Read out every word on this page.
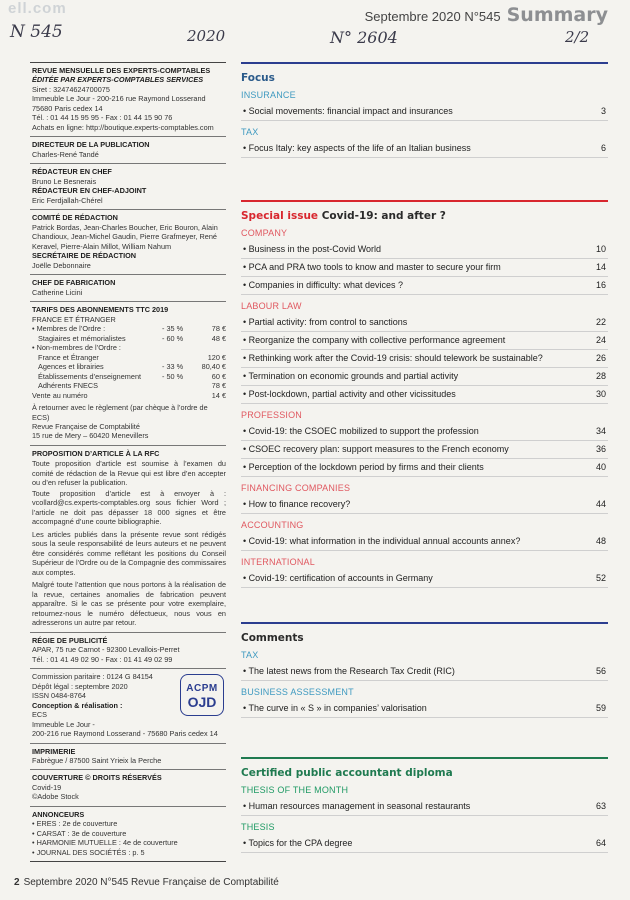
ell.com
N 545	2020	N° 2604	2/2
Septembre 2020 N°545 Summary
REVUE MENSUELLE DES EXPERTS-COMPTABLES
ÉDITÉE PAR EXPERTS-COMPTABLES SERVICES
Siret : 32474624700075
Immeuble Le Jour - 200-216 rue Raymond Losserand
75680 Paris cedex 14
Tél. : 01 44 15 95 95 - Fax : 01 44 15 90 76
Achats en ligne: http://boutique.experts-comptables.com
DIRECTEUR DE LA PUBLICATION
Charles-René Tandé
RÉDACTEUR EN CHEF
Bruno Le Besnerais
RÉDACTEUR EN CHEF-ADJOINT
Eric Ferdjallah-Chérel
COMITÉ DE RÉDACTION
Patrick Bordas, Jean-Charles Boucher, Eric Bouron, Alain Chandioux, Jean-Michel Gaudin, Pierre Grafmeyer, René Keravel, Pierre-Alain Millot, William Nahum
SECRÉTAIRE DE RÉDACTION
Joëlle Debonnaire
CHEF DE FABRICATION
Catherine Licini
TARIFS DES ABONNEMENTS TTC 2019
FRANCE ET ÉTRANGER
• Membres de l’Ordre :	- 35 %	78 €
Stagiaires et mémorialistes	- 60 %	48 €
• Non-membres de l’Ordre :
France et Étranger	120 €
Agences et librairies	- 33 %	80,40 €
Établissements d’enseignement	- 50 %	60 €
Adhérents FNECS	78 €
Vente au numéro	14 €
À retourner avec le règlement (par chèque à l’ordre de ECS)
Revue Française de Comptabilité
15 rue de Mery – 60420 Menevillers
PROPOSITION D’ARTICLE À LA RFC

Toute proposition d’article est soumise à l’examen du comité de rédaction de la Revue qui est libre d’en accepter ou d’en refuser la publication.

Toute proposition d’article est à envoyer à : vcollard@cs.experts-comptables.org sous fichier Word ; l’article ne doit pas dépasser 18 000 signes et être accompagné d’une courte bibliographie.

Les articles publiés dans la présente revue sont rédigés sous la seule responsabilité de leurs auteurs et ne peuvent être considérés comme reflétant les positions du Conseil Supérieur de l’Ordre ou de la Compagnie des commissaires aux comptes.

Malgré toute l’attention que nous portons à la réalisation de la revue, certaines anomalies de fabrication peuvent apparaître. Si le cas se présente pour votre exemplaire, retournez-nous le numéro défectueux, nous vous en adresserons un autre par retour.

RÉGIE DE PUBLICITÉ
APAR, 75 rue Carnot - 92300 Levallois-Perret
Tél. : 01 41 49 02 90 - Fax : 01 41 49 02 99
Commission paritaire : 0124 G 84154
Dépôt légal : septembre 2020
ISSN 0484-8764
Conception & réalisation :
ECS
Immeuble Le Jour -
ACPM
OJD
200-216 rue Raymond Losserand - 75680 Paris cedex 14
IMPRIMERIE
Fabrègue / 87500 Saint Yrieix la Perche
COUVERTURE © DROITS RÉSERVÉS
Covid-19
©Adobe Stock
ANNONCEURS
• ERES : 2e de couverture
• CARSAT : 3e de couverture
• HARMONIE MUTUELLE : 4e de couverture
• JOURNAL DES SOCIÉTÉS : p. 5
Focus
INSURANCE
• Social movements: financial impact and insurances	3
TAX
• Focus Italy: key aspects of the life of an Italian business	6
Special issue Covid-19: and after ?
COMPANY
• Business in the post-Covid World	10
• PCA and PRA two tools to know and master to secure your firm	14
• Companies in difficulty: what devices ?	16
LABOUR LAW
• Partial activity: from control to sanctions	22
• Reorganize the company with collective performance agreement	24
• Rethinking work after the Covid-19 crisis: should telework be sustainable?	26
• Termination on economic grounds and partial activity	28
• Post-lockdown, partial activity and other vicissitudes	30
PROFESSION
• Covid-19: the CSOEC mobilized to support the profession	34
• CSOEC recovery plan: support measures to the French economy	36
• Perception of the lockdown period by firms and their clients	40
FINANCING COMPANIES
• How to finance recovery?	44
ACCOUNTING
• Covid-19: what information in the individual annual accounts annex?	48
INTERNATIONAL
• Covid-19: certification of accounts in Germany	52
Comments
TAX
• The latest news from the Research Tax Credit (RIC)	56
BUSINESS ASSESSMENT
• The curve in « S » in companies’ valorisation	59
Certified public accountant diploma
THESIS OF THE MONTH
• Human resources management in seasonal restaurants	63
THESIS
• Topics for the CPA degree	64
2 Septembre 2020 N°545 Revue Française de Comptabilité
